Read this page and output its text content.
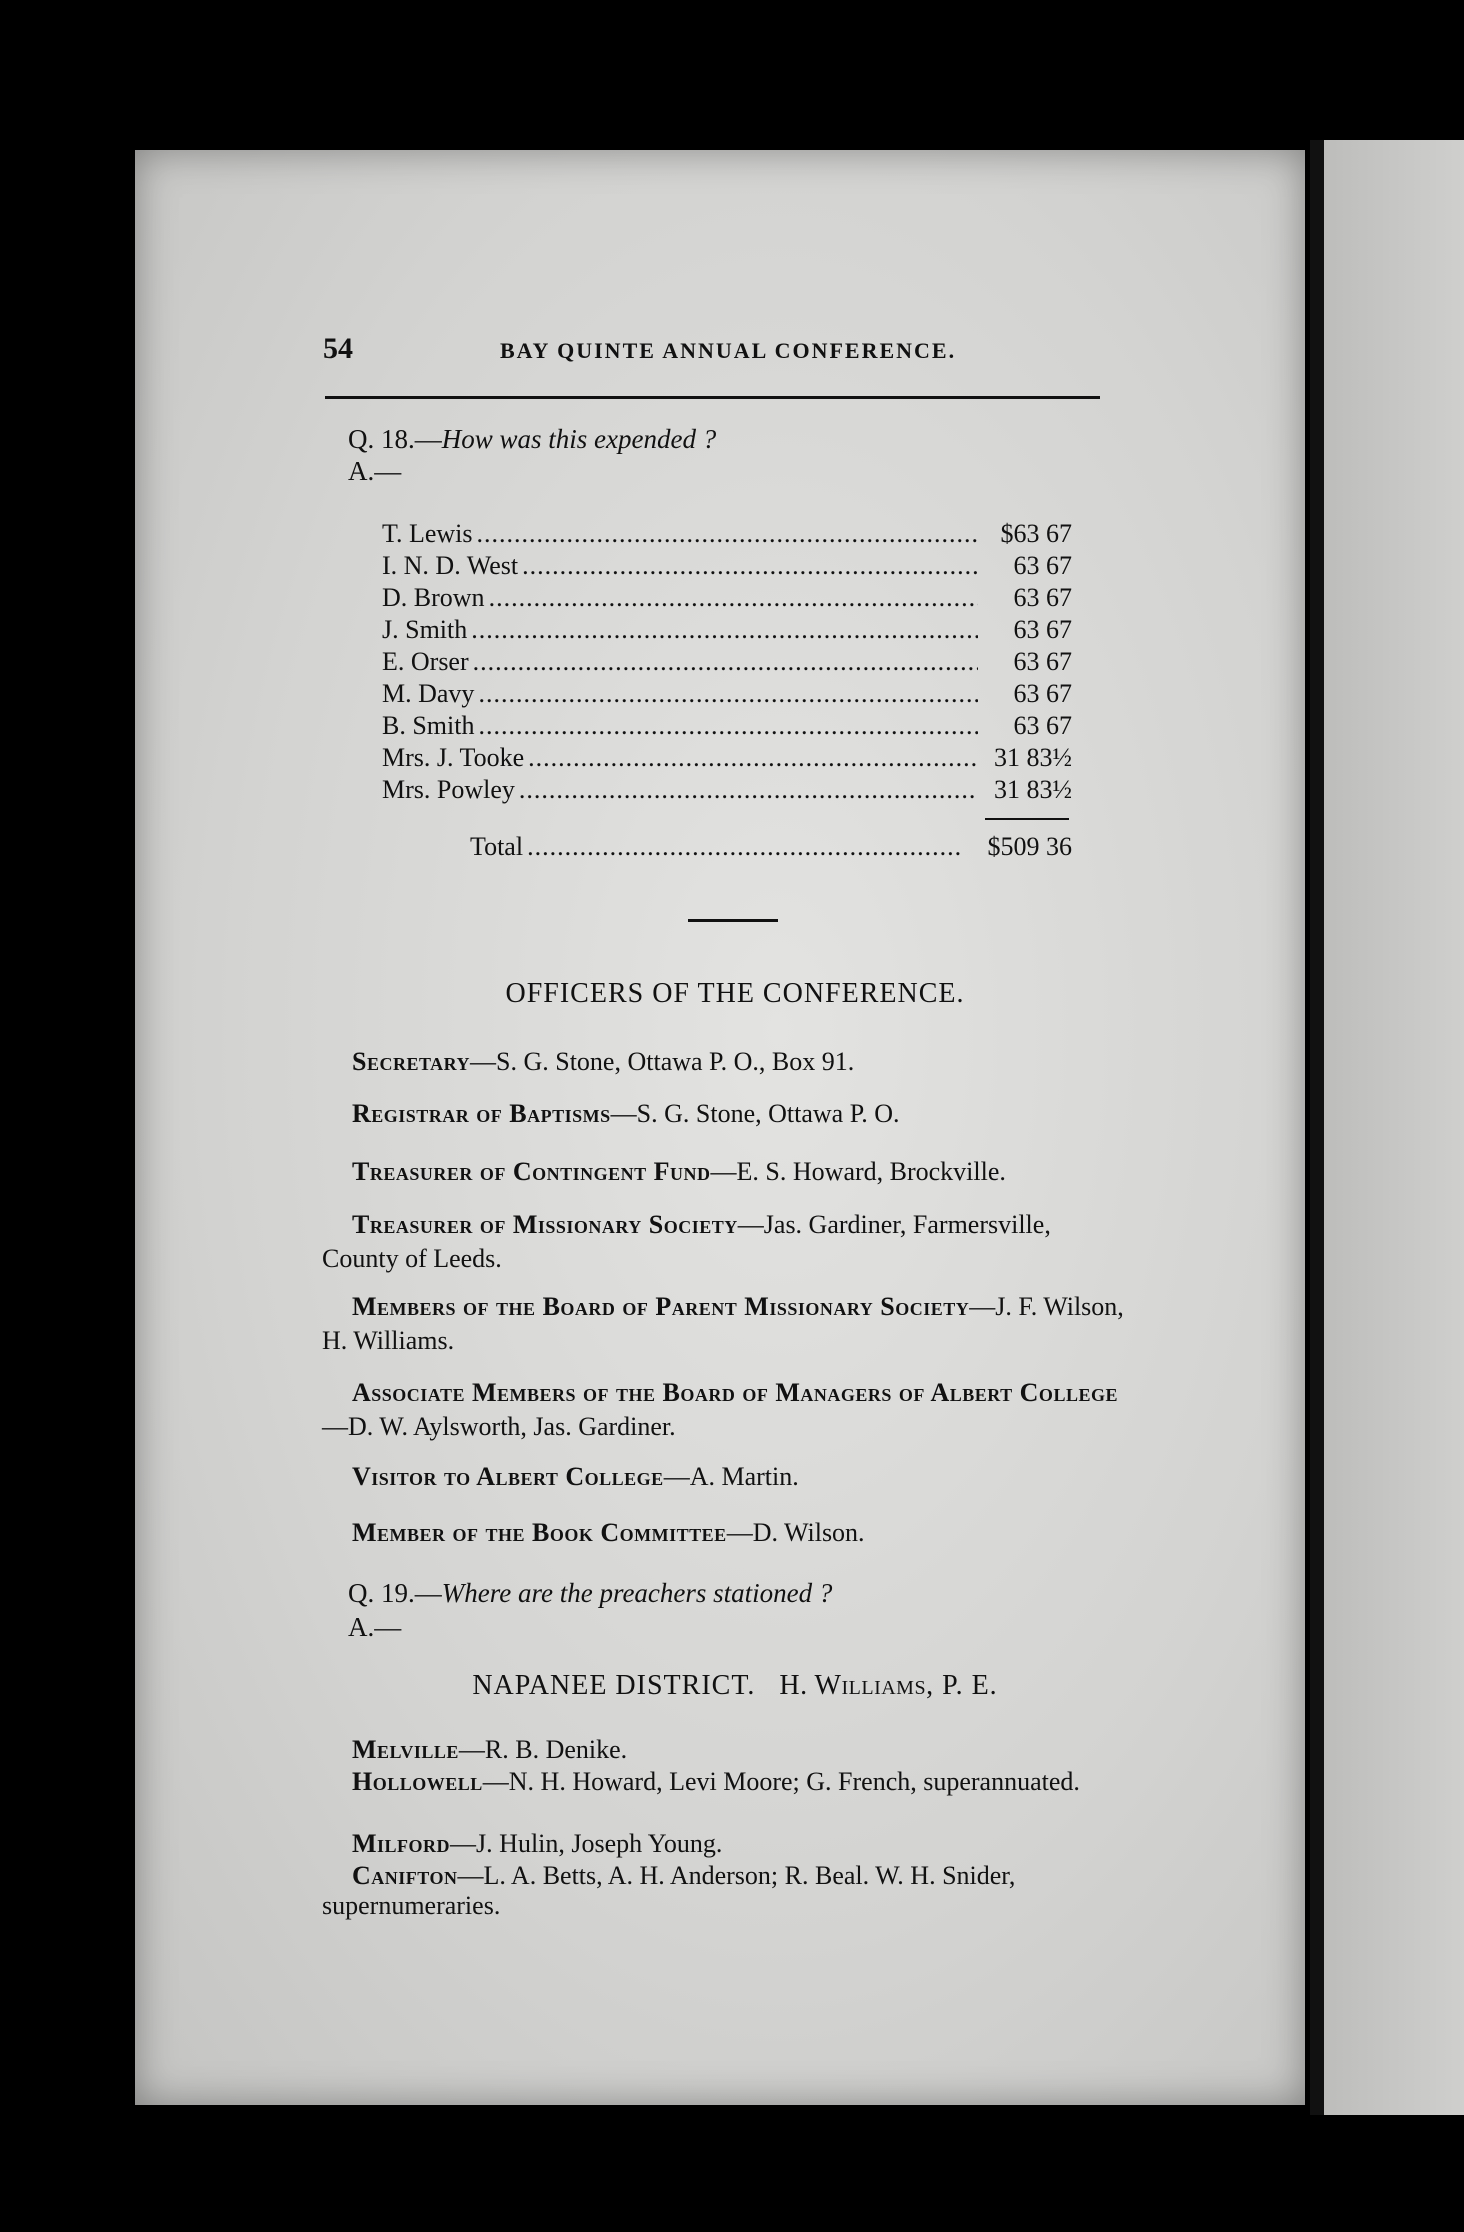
54	BAY QUINTE ANNUAL CONFERENCE.
Q. 18.—How was this expended ?
A.—
T. Lewis .....	$63 67
I. N. D. West .....	63 67
D. Brown .....	63 67
J. Smith .....	63 67
E. Orser .....	63 67
M. Davy .....	63 67
B. Smith .....	63 67
Mrs. J. Tooke .....	31 83½
Mrs. Powley .....	31 83½
Total .....	$509 36
OFFICERS OF THE CONFERENCE.
Secretary—S. G. Stone, Ottawa P. O., Box 91.
Registrar of Baptisms—S. G. Stone, Ottawa P. O.
Treasurer of Contingent Fund—E. S. Howard, Brockville.
Treasurer of Missionary Society—Jas. Gardiner, Farmersville, County of Leeds.
Members of the Board of Parent Missionary Society—J. F. Wilson, H. Williams.
Associate Members of the Board of Managers of Albert College—D. W. Aylsworth, Jas. Gardiner.
Visitor to Albert College—A. Martin.
Member of the Book Committee—D. Wilson.
Q. 19.—Where are the preachers stationed ?
A.—
NAPANEE DISTRICT. H. Williams, P. E.
Melville—R. B. Denike.
Hollowell—N. H. Howard, Levi Moore; G. French, superannuated.
Milford—J. Hulin, Joseph Young.
Canifton—L. A. Betts, A. H. Anderson; R. Beal. W. H. Snider, supernumeraries.
